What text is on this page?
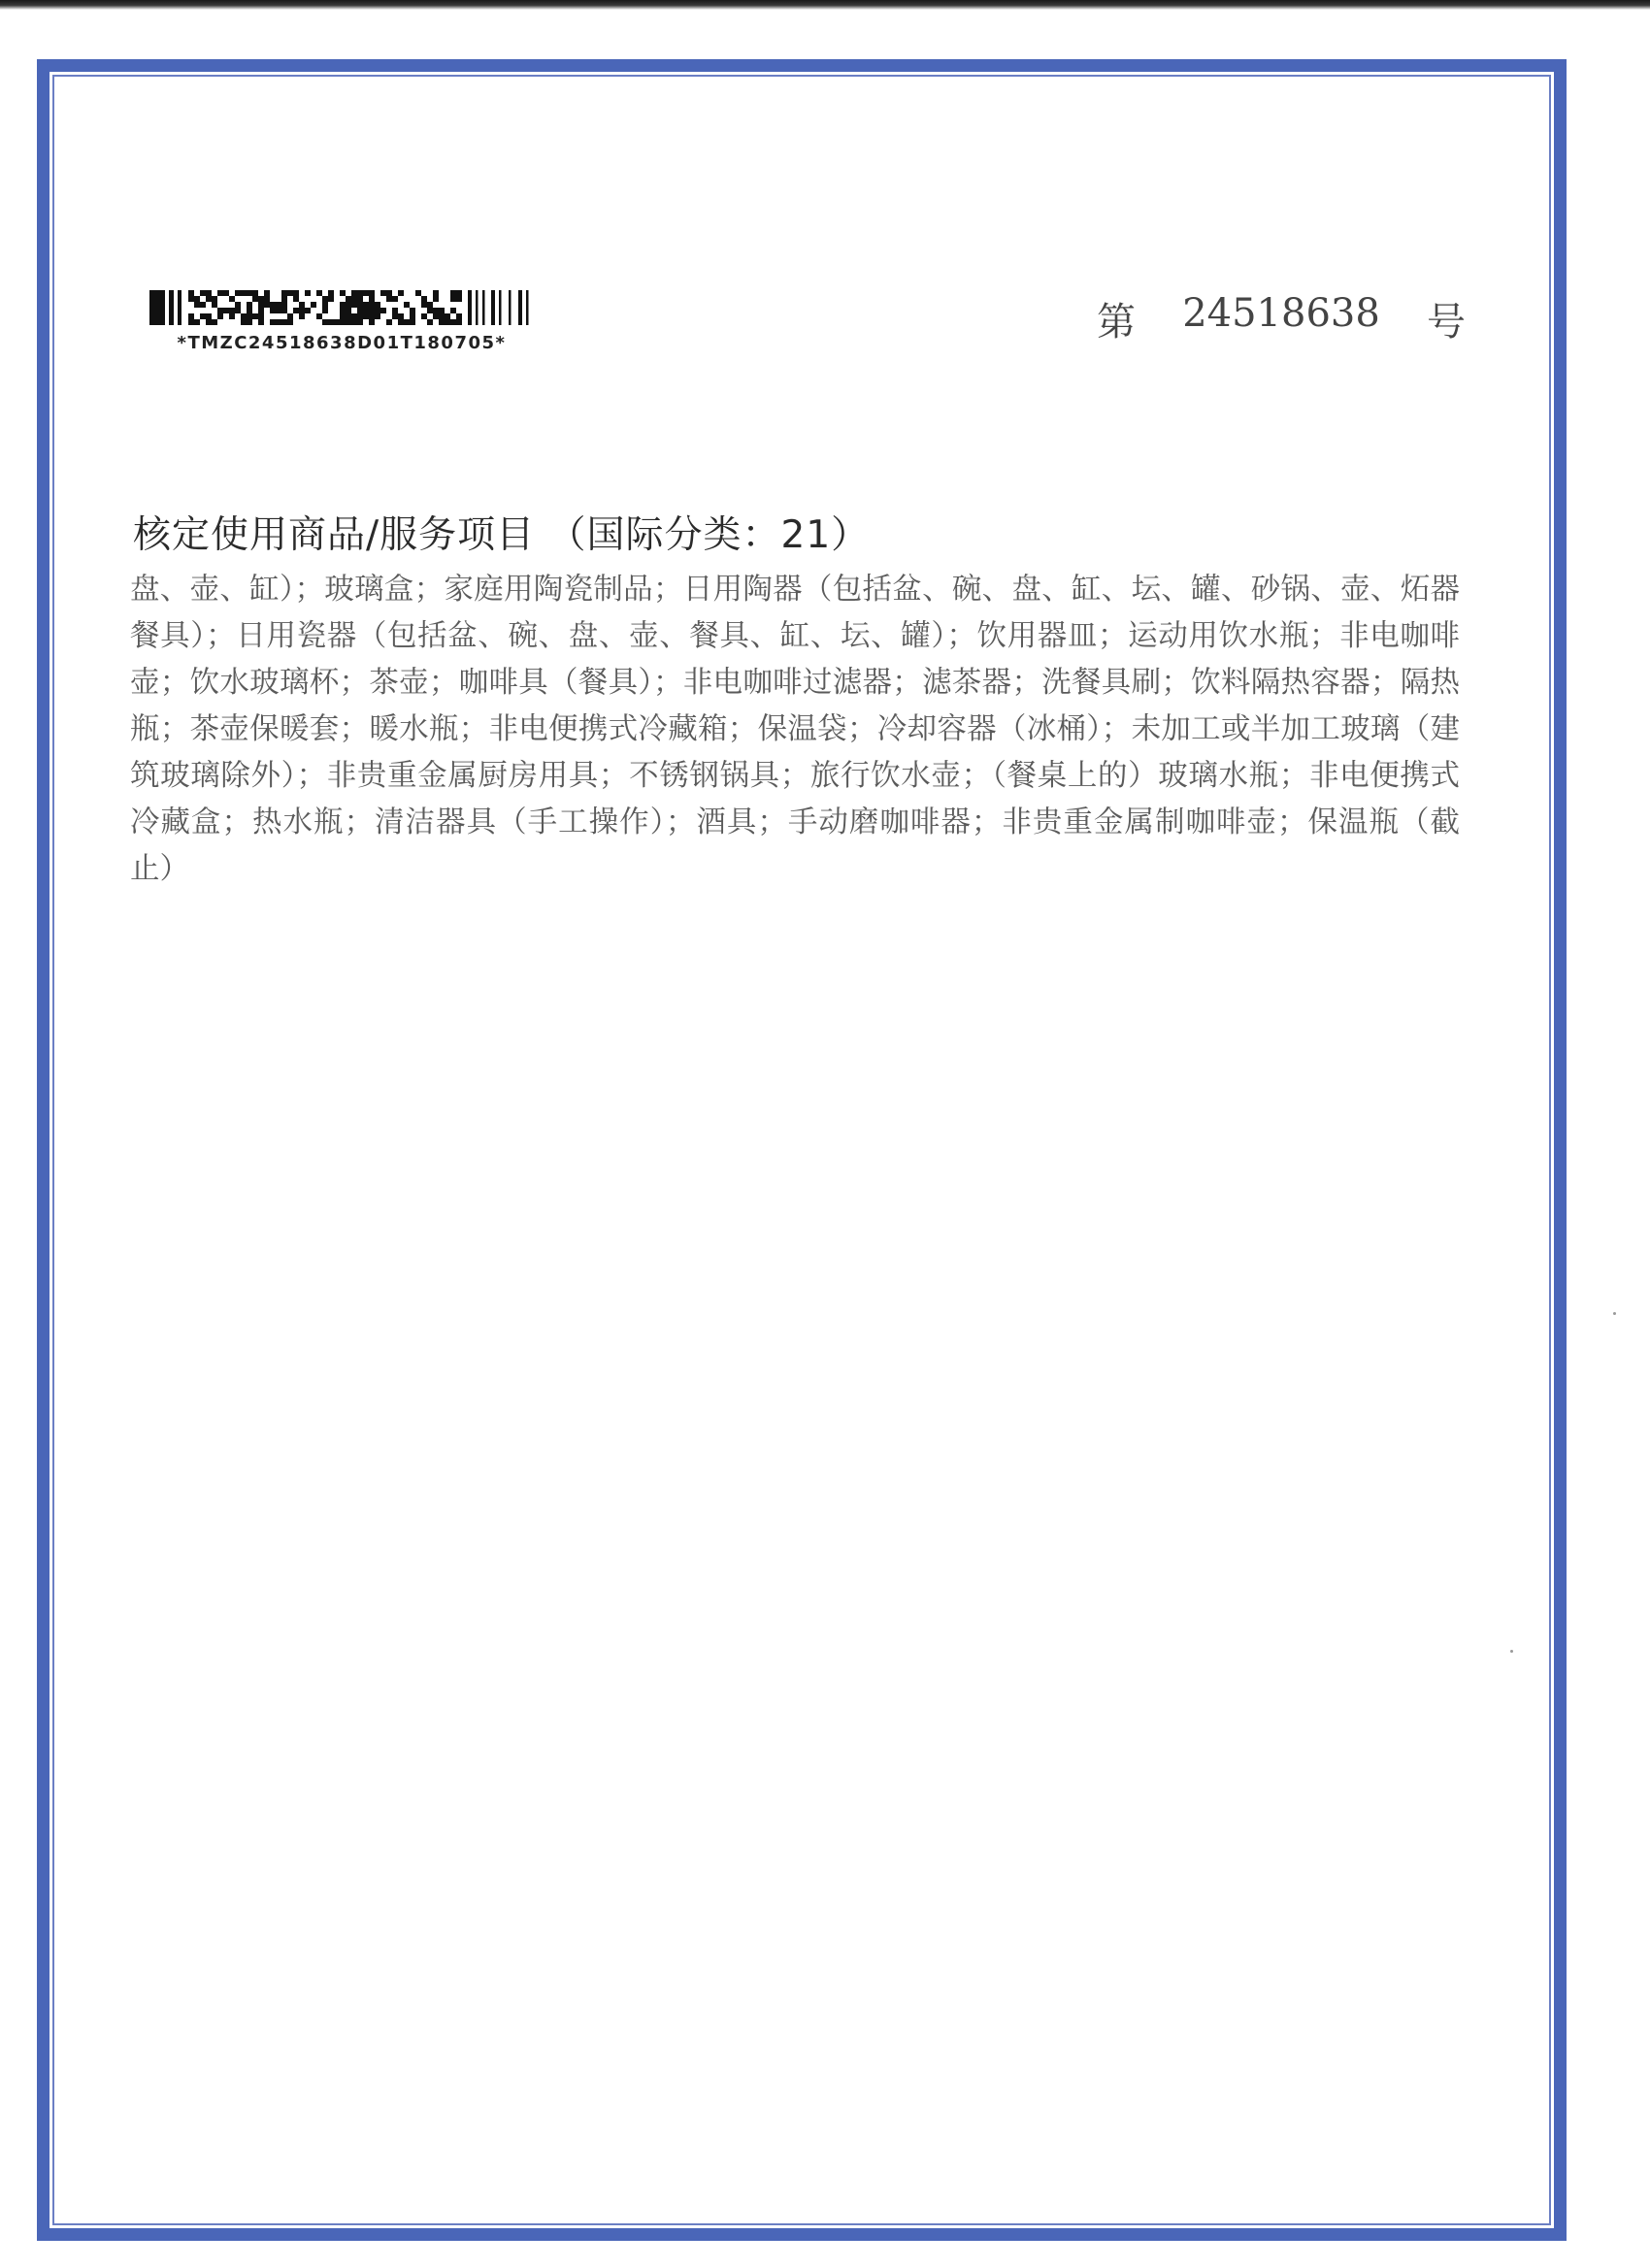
*TMZC24518638D01T180705*	第 24518638 号
核定使用商品/服务项目 （国际分类：21）
盘、壶、缸）；玻璃盒；家庭用陶瓷制品；日用陶器（包括盆、碗、盘、缸、坛、罐、砂锅、壶、炻器餐具）；日用瓷器（包括盆、碗、盘、壶、餐具、缸、坛、罐）；饮用器皿；运动用饮水瓶；非电咖啡壶；饮水玻璃杯；茶壶；咖啡具（餐具）；非电咖啡过滤器；滤茶器；洗餐具刷；饮料隔热容器；隔热瓶；茶壶保暖套；暖水瓶；非电便携式冷藏箱；保温袋；冷却容器（冰桶）；未加工或半加工玻璃（建筑玻璃除外）；非贵重金属厨房用具；不锈钢锅具；旅行饮水壶；（餐桌上的）玻璃水瓶；非电便携式冷藏盒；热水瓶；清洁器具（手工操作）；酒具；手动磨咖啡器；非贵重金属制咖啡壶；保温瓶（截止）
